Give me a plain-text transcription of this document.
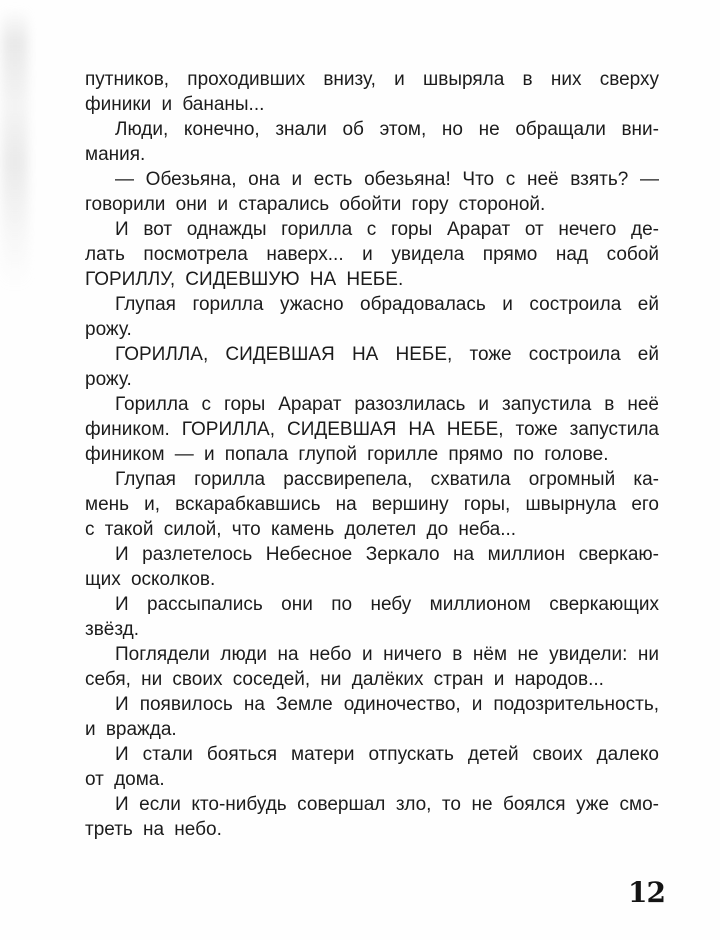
путников, проходивших внизу, и швыряла в них сверху
финики и бананы...
Люди, конечно, знали об этом, но не обращали вни-
мания.
— Обезьяна, она и есть обезьяна! Что с неё взять? —
говорили они и старались обойти гору стороной.
И вот однажды горилла с горы Арарат от нечего де-
лать посмотрела наверх... и увидела прямо над собой
ГОРИЛЛУ, СИДЕВШУЮ НА НЕБЕ.
Глупая горилла ужасно обрадовалась и состроила ей
рожу.
ГОРИЛЛА, СИДЕВШАЯ НА НЕБЕ, тоже состроила ей
рожу.
Горилла с горы Арарат разозлилась и запустила в неё
фиником. ГОРИЛЛА, СИДЕВШАЯ НА НЕБЕ, тоже запустила
фиником — и попала глупой горилле прямо по голове.
Глупая горилла рассвирепела, схватила огромный ка-
мень и, вскарабкавшись на вершину горы, швырнула его
с такой силой, что камень долетел до неба...
И разлетелось Небесное Зеркало на миллион сверкаю-
щих осколков.
И рассыпались они по небу миллионом сверкающих
звёзд.
Поглядели люди на небо и ничего в нём не увидели: ни
себя, ни своих соседей, ни далёких стран и народов...
И появилось на Земле одиночество, и подозрительность,
и вражда.
И стали бояться матери отпускать детей своих далеко
от дома.
И если кто-нибудь совершал зло, то не боялся уже смо-
треть на небо.
12
